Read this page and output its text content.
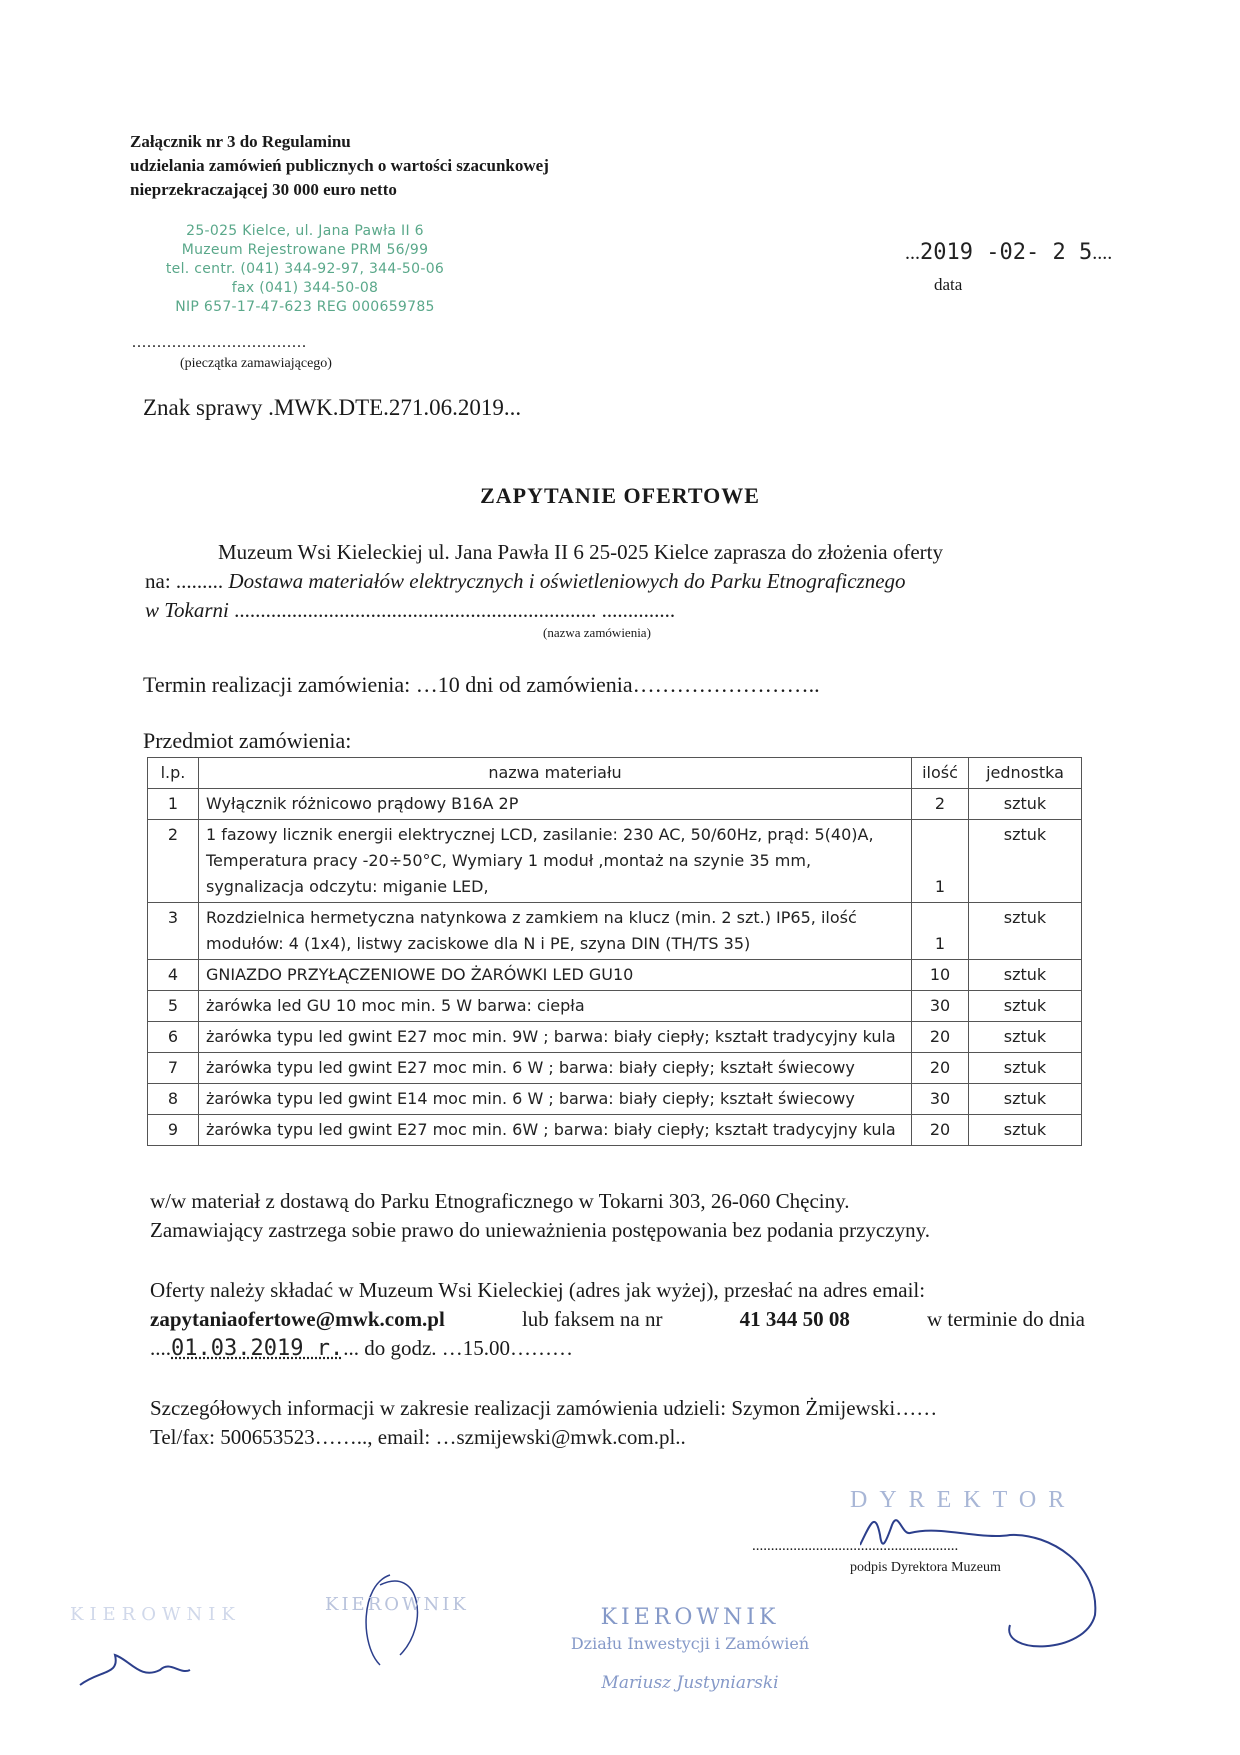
Załącznik nr 3 do Regulaminu
udzielania zamówień publicznych o wartości szacunkowej
nieprzekraczającej 30 000 euro netto
25-025 Kielce, ul. Jana Pawła II 6
Muzeum Rejestrowane PRM 56/99
tel. centr. (041) 344-92-97, 344-50-06
fax (041) 344-50-08
NIP 657-17-47-623 REG 000659785
...................................
(pieczątka zamawiającego)
...2019 -02- 2 5....
data
Znak sprawy .MWK.DTE.271.06.2019...
ZAPYTANIE OFERTOWE
Muzeum Wsi Kieleckiej ul. Jana Pawła II 6 25-025 Kielce zaprasza do złożenia oferty
na: ......... Dostawa materiałów elektrycznych i oświetleniowych do Parku Etnograficznego
w Tokarni ..................................................................... ..............
(nazwa zamówienia)
Termin realizacji zamówienia: …10 dni od zamówienia……………………..
Przedmiot zamówienia:
l.p.	nazwa materiału	ilość	jednostka
1	Wyłącznik różnicowo prądowy B16A 2P	2	sztuk
2	1 fazowy licznik energii elektrycznej LCD, zasilanie: 230 AC, 50/60Hz, prąd: 5(40)A, Temperatura pracy -20÷50°C, Wymiary 1 moduł ,montaż na szynie 35 mm, sygnalizacja odczytu: miganie LED,	1	sztuk
3	Rozdzielnica hermetyczna natynkowa z zamkiem na klucz (min. 2 szt.) IP65, ilość modułów: 4 (1x4), listwy zaciskowe dla N i PE, szyna DIN (TH/TS 35)	1	sztuk
4	GNIAZDO PRZYŁĄCZENIOWE DO ŻARÓWKI LED GU10	10	sztuk
5	żarówka led GU 10 moc min. 5 W barwa: ciepła	30	sztuk
6	żarówka typu led gwint E27 moc min. 9W ; barwa: biały ciepły; kształt tradycyjny kula	20	sztuk
7	żarówka typu led gwint E27 moc min. 6 W ; barwa: biały ciepły; kształt świecowy	20	sztuk
8	żarówka typu led gwint E14 moc min. 6 W ; barwa: biały ciepły; kształt świecowy	30	sztuk
9	żarówka typu led gwint E27 moc min. 6W ; barwa: biały ciepły; kształt tradycyjny kula	20	sztuk
w/w materiał z dostawą do Parku Etnograficznego w Tokarni 303, 26-060 Chęciny.
Zamawiający zastrzega sobie prawo do unieważnienia postępowania bez podania przyczyny.
Oferty należy składać w Muzeum Wsi Kieleckiej (adres jak wyżej), przesłać na adres email:
zapytaniaofertowe@mwk.com.pl	lub faksem na nr	41 344 50 08	w terminie do dnia
....01.03.2019 r.... do godz. …15.00………
Szczegółowych informacji w zakresie realizacji zamówienia udzieli: Szymon Żmijewski……
Tel/fax: 500653523…….., email: …szmijewski@mwk.com.pl..
DYREKTOR
.......................................................
podpis Dyrektora Muzeum
KIEROWNIK
Działu Inwestycji i Zamówień
Mariusz Justyniarski
KIEROWNIK
KIEROWNIK
